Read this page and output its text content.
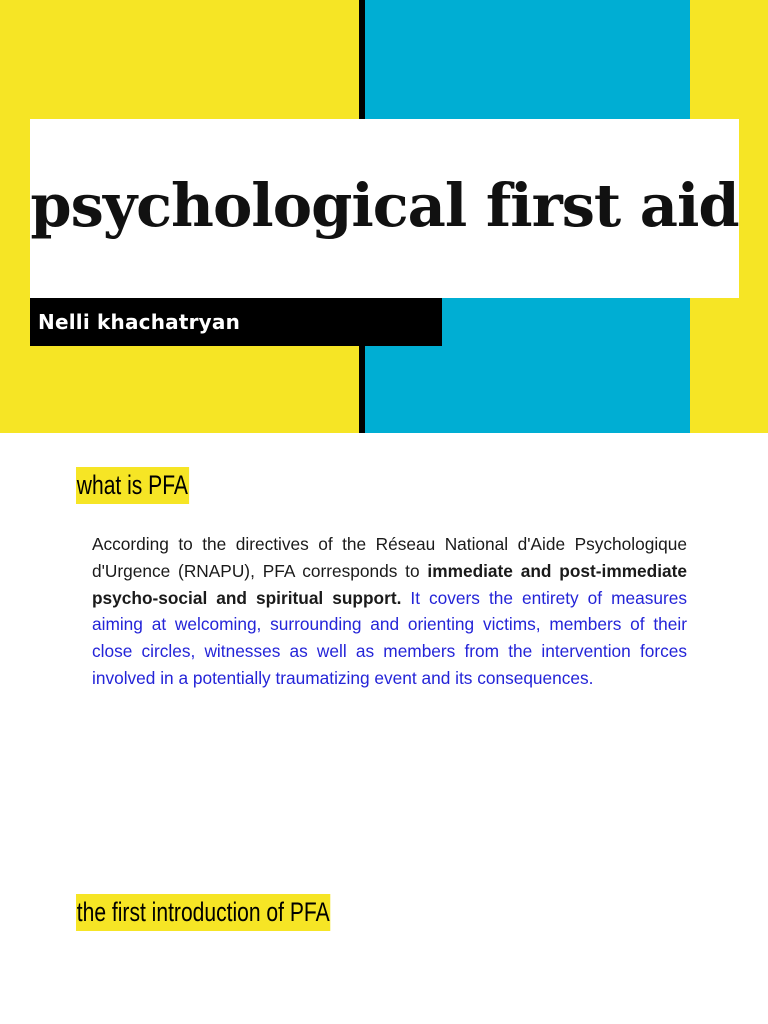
psychological first aid
Nelli khachatryan
what is PFA

According to the directives of the Réseau National d'Aide Psychologique d'Urgence (RNAPU), PFA corresponds to immediate and post-immediate psycho-social and spiritual support. It covers the entirety of measures aiming at welcoming, surrounding and orienting victims, members of their close circles, witnesses as well as members from the intervention forces involved in a potentially traumatizing event and its consequences.

the first introduction of PFA
